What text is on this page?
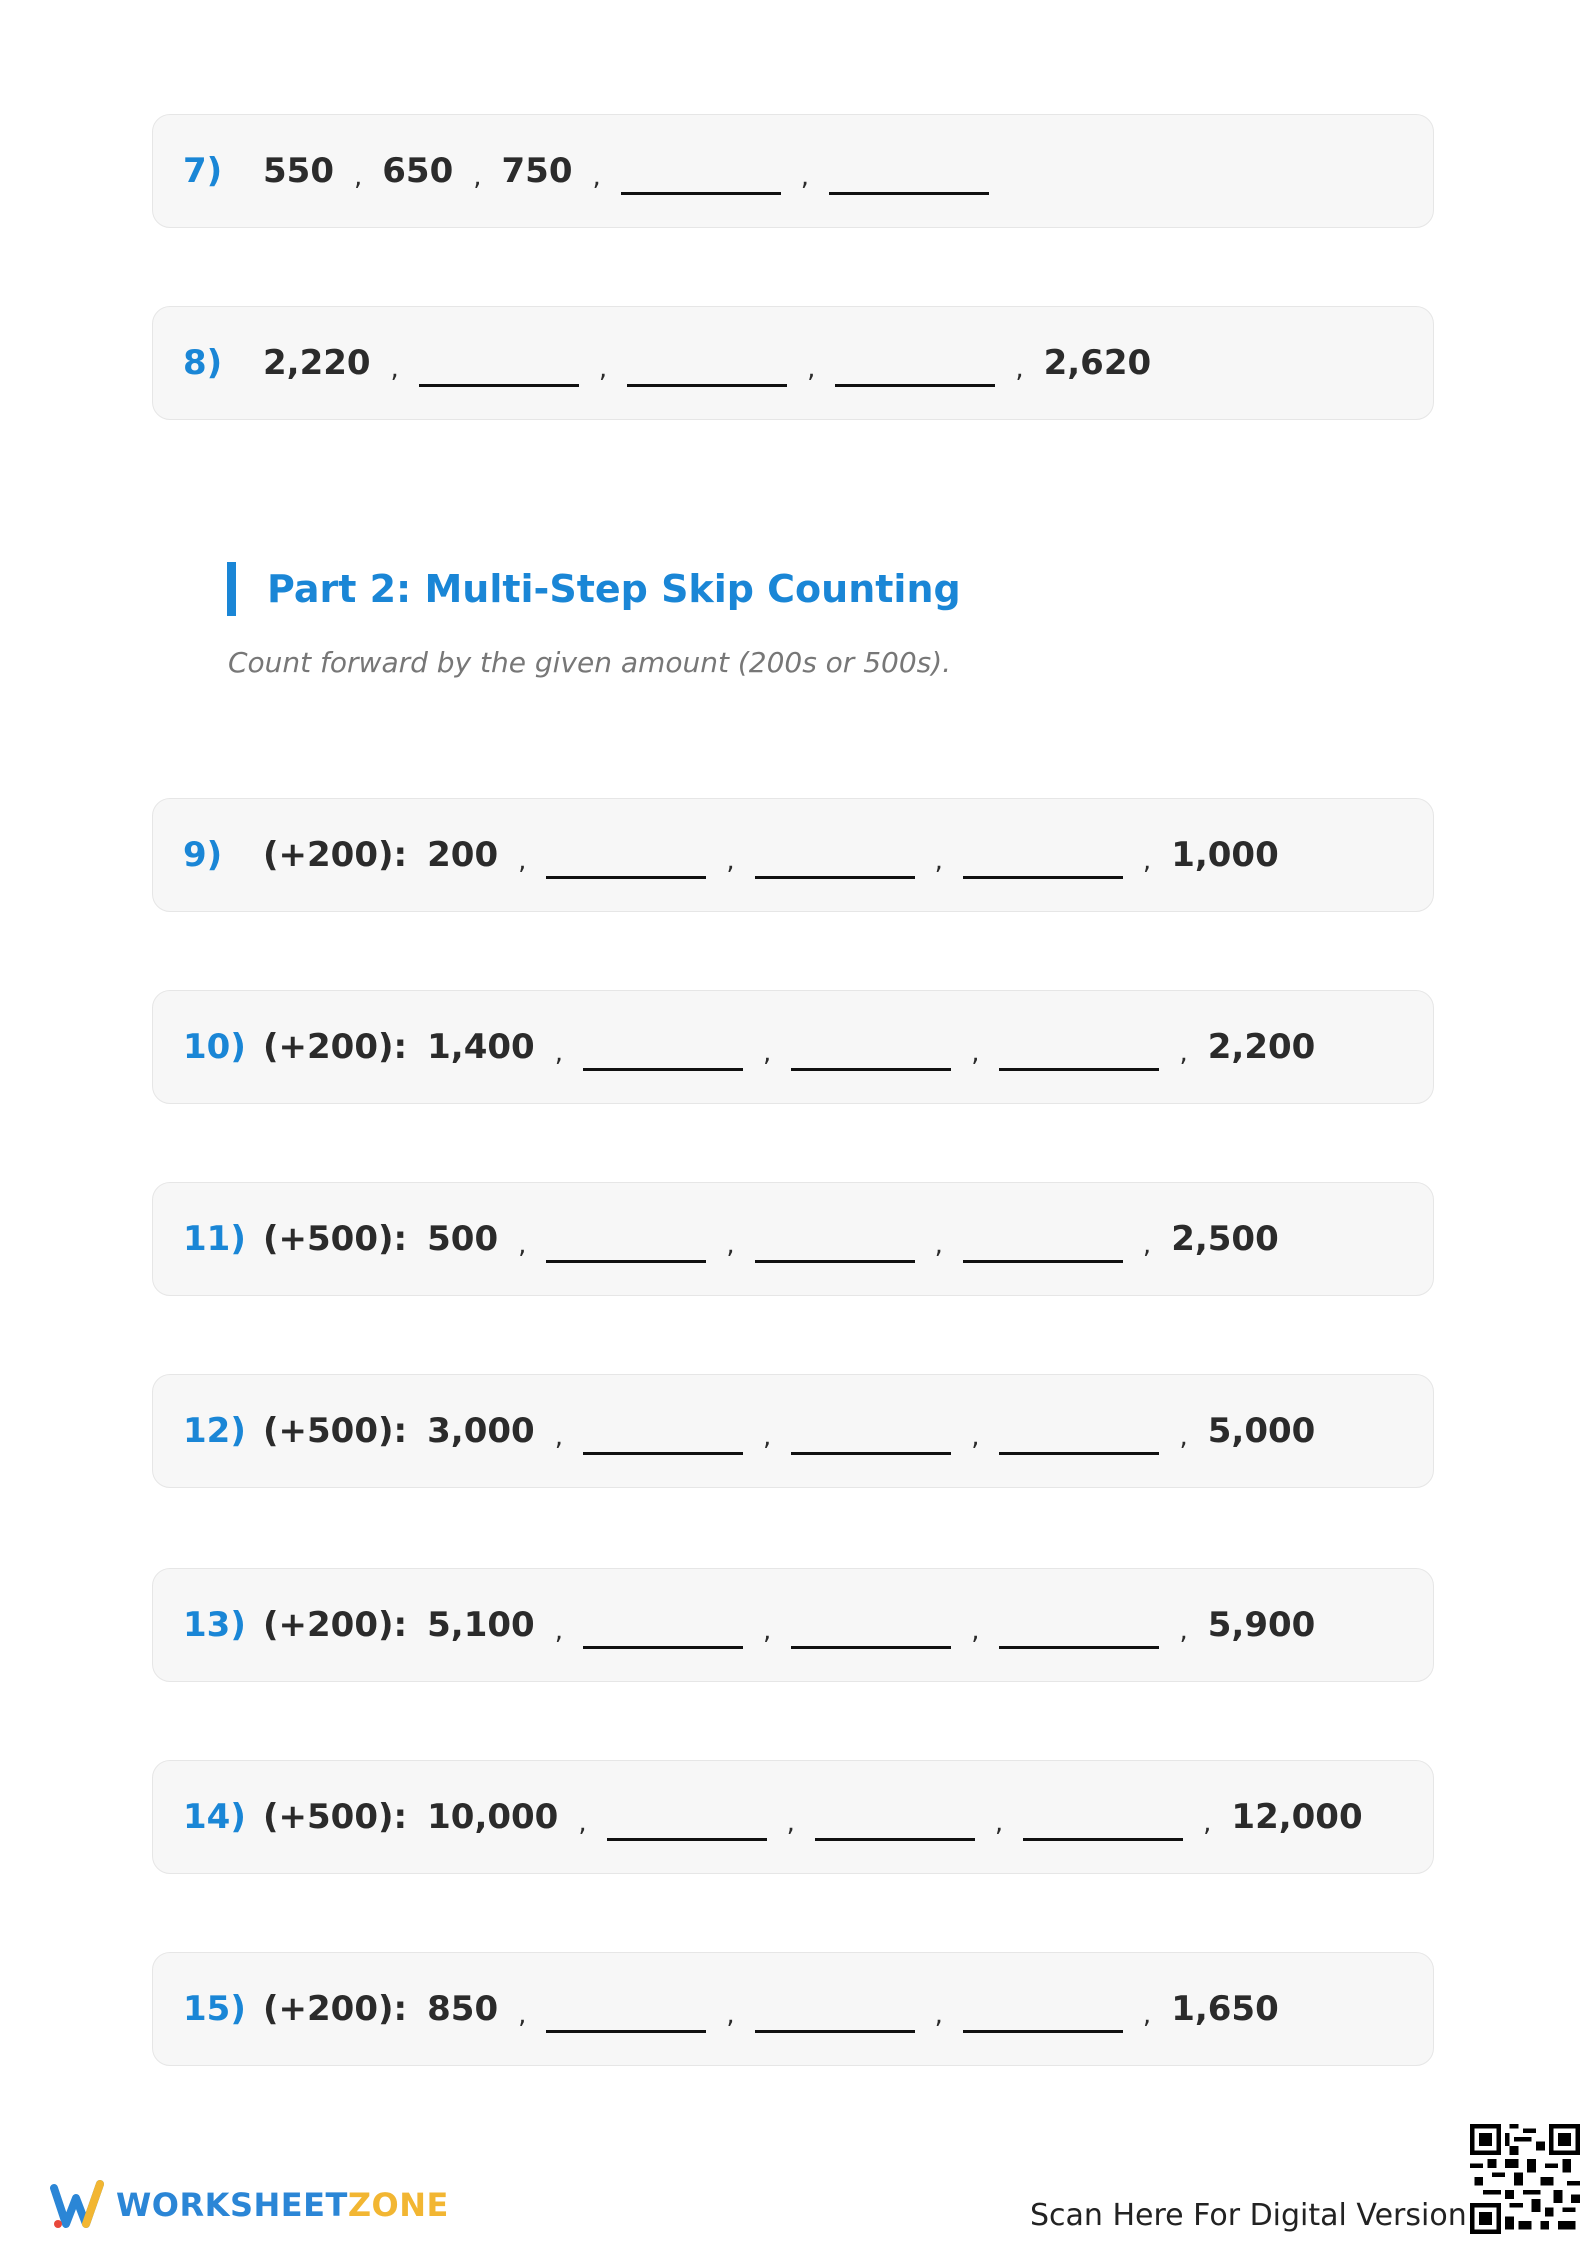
7)	550 , 650 , 750 ,	,
8)	2,220 ,	,	,	, 2,620
Part 2: Multi-Step Skip Counting
Count forward by the given amount (200s or 500s).
9)	(+200): 200 ,	,	,	, 1,000
10) (+200): 1,400 ,	,	,	, 2,200
11) (+500): 500 ,	,	,	, 2,500
12) (+500): 3,000 ,	,	,	, 5,000
13) (+200): 5,100 ,	,	,	, 5,900
14) (+500): 10,000 ,	,	,	, 12,000
15) (+200): 850 ,	,	,	, 1,650
WORKSHEETZONE	Scan Here For Digital Version
